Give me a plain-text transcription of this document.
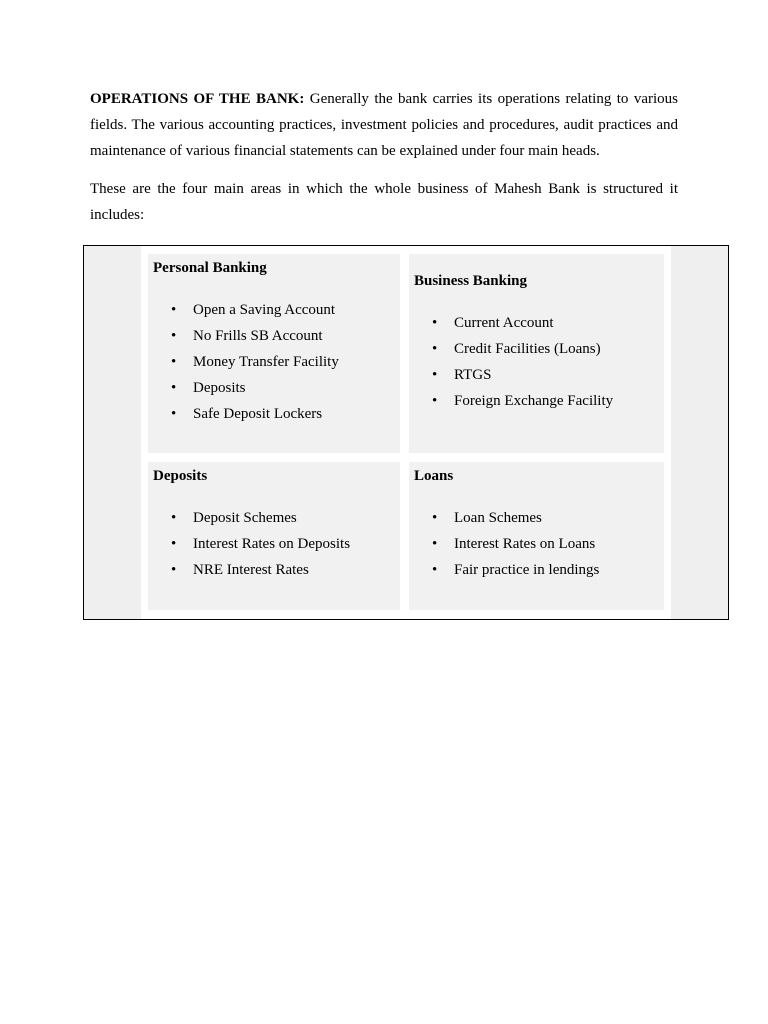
OPERATIONS OF THE BANK: Generally the bank carries its operations relating to various fields. The various accounting practices, investment policies and procedures, audit practices and maintenance of various financial statements can be explained under four main heads.

These are the four main areas in which the whole business of Mahesh Bank is structured it includes:

Personal Banking
• Open a Saving Account
• No Frills SB Account
• Money Transfer Facility
• Deposits
• Safe Deposit Lockers
Business Banking
• Current Account
• Credit Facilities (Loans)
• RTGS
• Foreign Exchange Facility
Deposits
• Deposit Schemes
• Interest Rates on Deposits
• NRE Interest Rates
Loans
• Loan Schemes
• Interest Rates on Loans
• Fair practice in lendings
